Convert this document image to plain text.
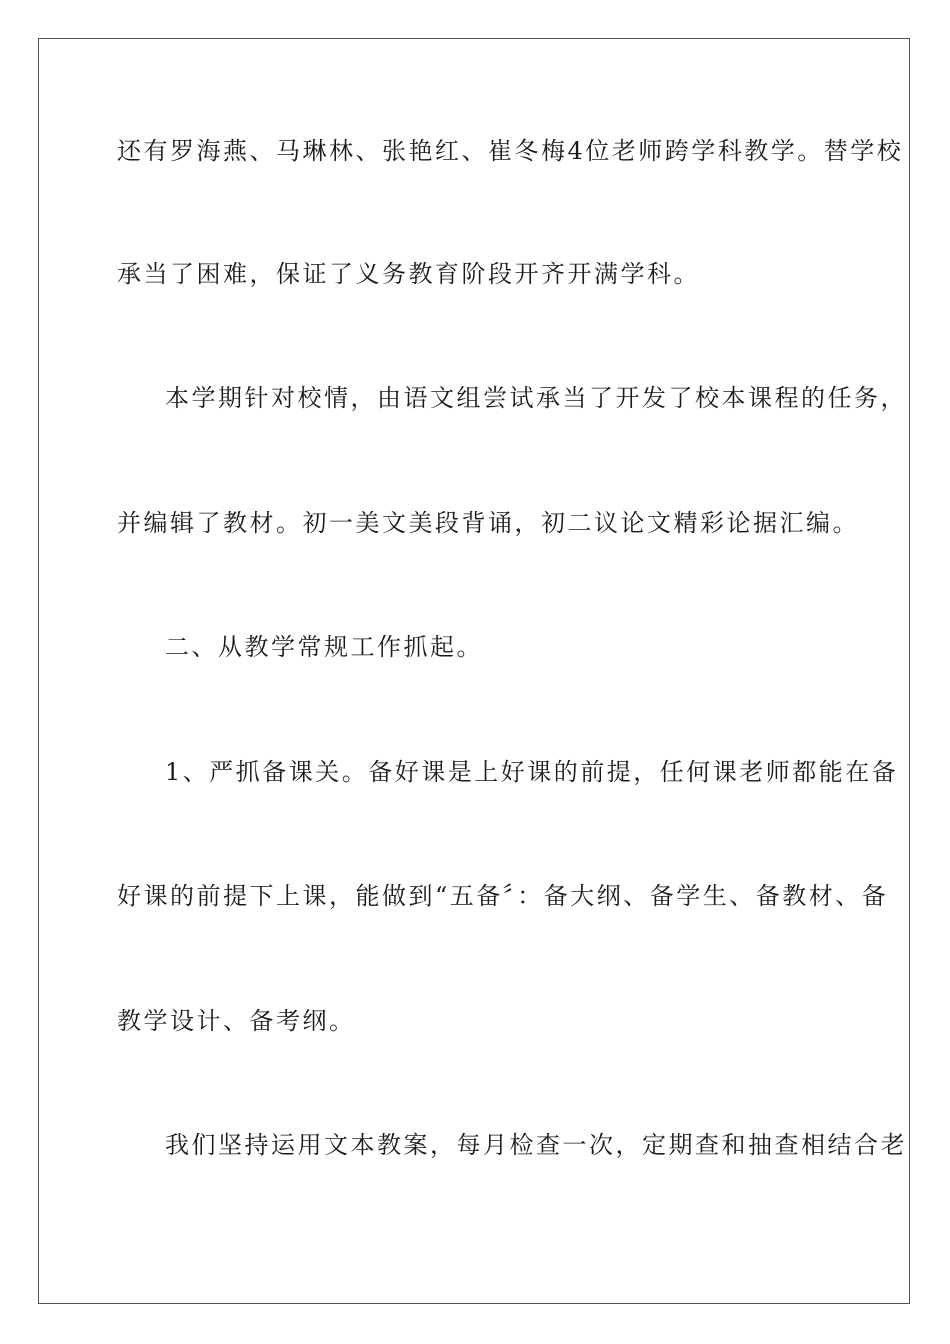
还有罗海燕、马琳林、张艳红、崔冬梅4位老师跨学科教学。替学校
承当了困难，保证了义务教育阶段开齐开满学科。
本学期针对校情，由语文组尝试承当了开发了校本课程的任务，
并编辑了教材。初一美文美段背诵，初二议论文精彩论据汇编。
二、从教学常规工作抓起。
1、严抓备课关。备好课是上好课的前提，任何课老师都能在备
好课的前提下上课，能做到“五备〞：备大纲、备学生、备教材、备
教学设计、备考纲。
我们坚持运用文本教案，每月检查一次，定期查和抽查相结合老
